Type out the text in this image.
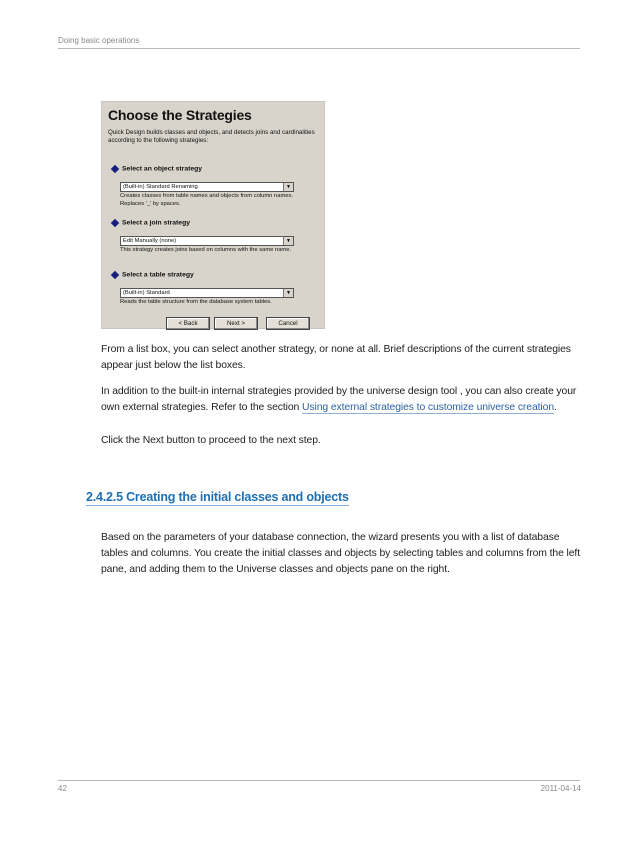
Doing basic operations
Choose the Strategies
Quick Design builds classes and objects, and detects joins and cardinalities according to the following strategies:
Select an object strategy
(Built-in) Standard Renaming	▼
Creates classes from table names and objects from column names. Replaces '_' by spaces.
Select a join strategy
Edit Manually (none)	▼
This strategy creates joins based on columns with the same name.
Select a table strategy
(Built-in) Standard	▼
Reads the table structure from the database system tables.
< Back	Next >	Cancel

From a list box, you can select another strategy, or none at all. Brief descriptions of the current strategies appear just below the list boxes.

In addition to the built-in internal strategies provided by the universe design tool , you can also create your own external strategies. Refer to the section Using external strategies to customize universe creation.

Click the Next button to proceed to the next step.

2.4.2.5 Creating the initial classes and objects

Based on the parameters of your database connection, the wizard presents you with a list of database tables and columns. You create the initial classes and objects by selecting tables and columns from the left pane, and adding them to the Universe classes and objects pane on the right.

42	2011-04-14
